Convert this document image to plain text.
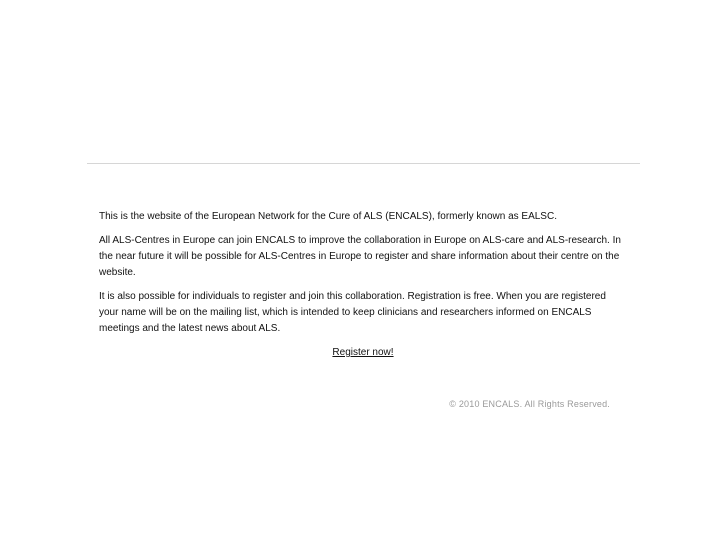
This is the website of the European Network for the Cure of ALS (ENCALS), formerly known as EALSC.

All ALS-Centres in Europe can join ENCALS to improve the collaboration in Europe on ALS-care and ALS-research. In the near future it will be possible for ALS-Centres in Europe to register and share information about their centre on the website.

It is also possible for individuals to register and join this collaboration. Registration is free. When you are registered your name will be on the mailing list, which is intended to keep clinicians and researchers informed on ENCALS meetings and the latest news about ALS.

Register now!

© 2010 ENCALS. All Rights Reserved.
